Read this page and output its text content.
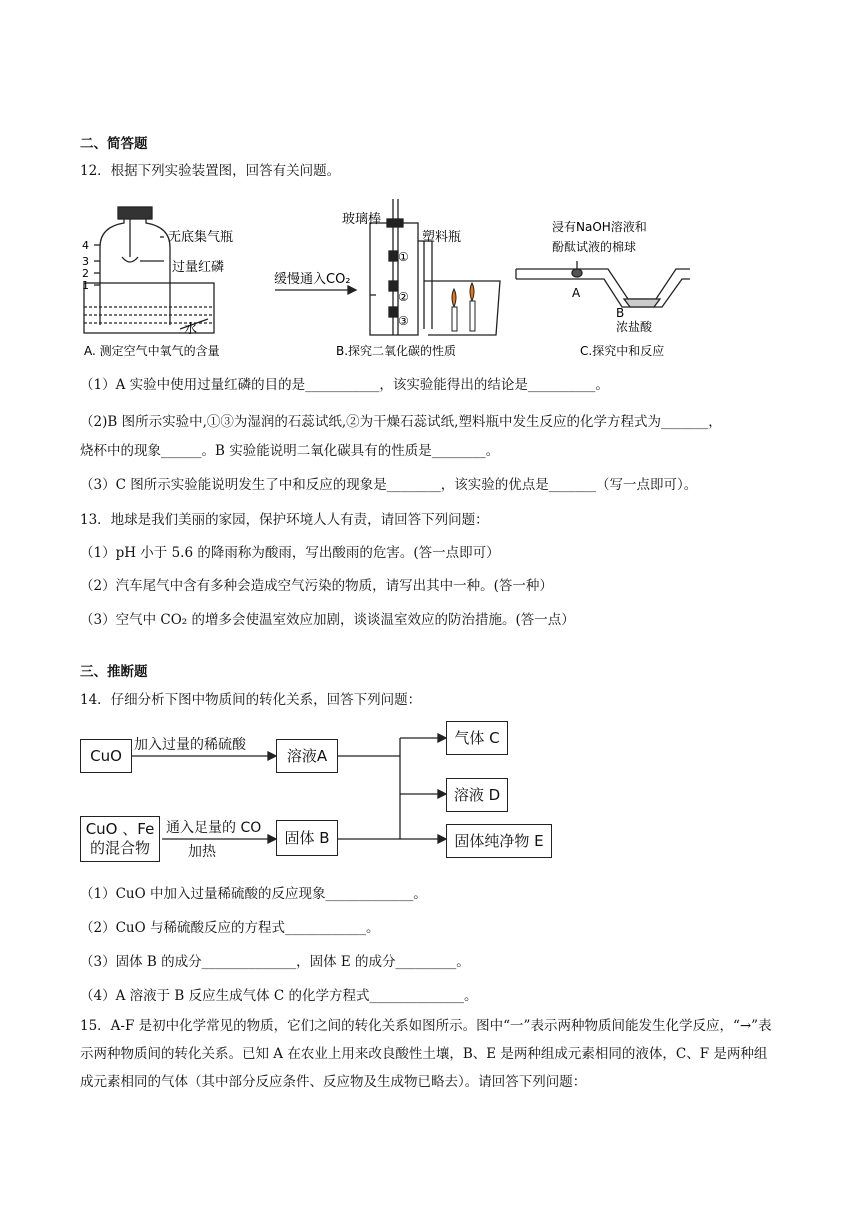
二、简答题
12．根据下列实验装置图，回答有关问题。
4
3
2
1
无底集气瓶
过量红磷
水
A. 测定空气中氧气的含量
玻璃棒
塑料瓶
缓慢通入CO₂
①
②
③
B.探究二氧化碳的性质
浸有NaOH溶液和
酚酞试液的棉球
A
B
浓盐酸
C.探究中和反应
（1）A 实验中使用过量红磷的目的是___________，该实验能得出的结论是__________。
（2)B 图所示实验中,①③为湿润的石蕊试纸,②为干燥石蕊试纸,塑料瓶中发生反应的化学方程式为_______，
烧杯中的现象______。B 实验能说明二氧化碳具有的性质是________。
（3）C 图所示实验能说明发生了中和反应的现象是________，该实验的优点是_______（写一点即可）。
13．地球是我们美丽的家园，保护环境人人有责，请回答下列问题：
（1）pH 小于 5.6 的降雨称为酸雨，写出酸雨的危害。(答一点即可）
（2）汽车尾气中含有多种会造成空气污染的物质，请写出其中一种。(答一种）
（3）空气中 CO₂ 的增多会使温室效应加剧，谈谈温室效应的防治措施。(答一点）
三、推断题
14．仔细分析下图中物质间的转化关系，回答下列问题：
CuO
加入过量的稀硫酸
溶液A
CuO 、Fe
的混合物
通入足量的 CO
加热
固体 B
气体 C
溶液 D
固体纯净物 E
（1）CuO 中加入过量稀硫酸的反应现象_____________。
（2）CuO 与稀硫酸反应的方程式____________。
（3）固体 B 的成分______________，固体 E 的成分_________。
（4）A 溶液于 B 反应生成气体 C 的化学方程式______________。
15．A-F 是初中化学常见的物质，它们之间的转化关系如图所示。图中“一”表示两种物质间能发生化学反应，“→”表示两种物质间的转化关系。已知 A 在农业上用来改良酸性土壤，B、E 是两种组成元素相同的液体，C、F 是两种组成元素相同的气体（其中部分反应条件、反应物及生成物已略去）。请回答下列问题：
